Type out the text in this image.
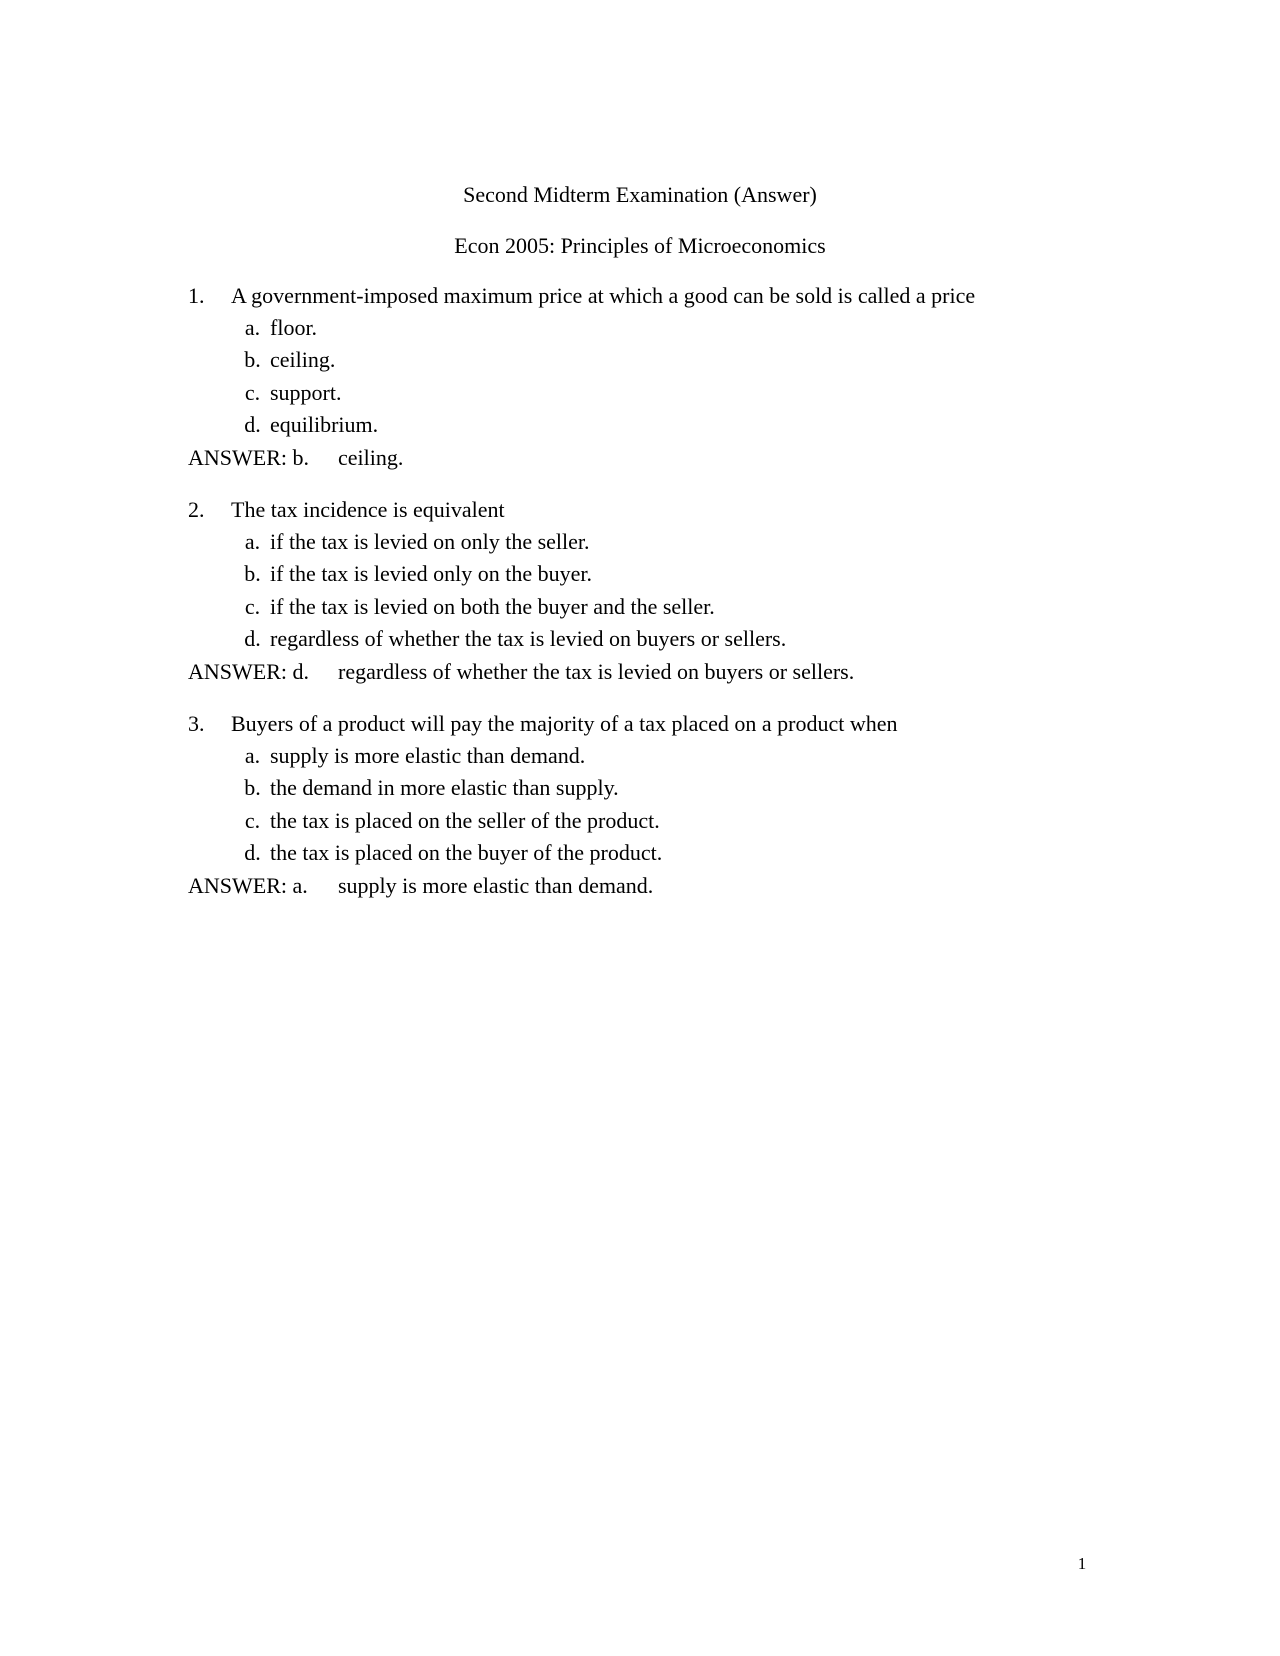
Second Midterm Examination (Answer)
Econ 2005: Principles of Microeconomics
1. A government-imposed maximum price at which a good can be sold is called a price
a. floor.
b. ceiling.
c. support.
d. equilibrium.
ANSWER: b. ceiling.
2. The tax incidence is equivalent
a. if the tax is levied on only the seller.
b. if the tax is levied only on the buyer.
c. if the tax is levied on both the buyer and the seller.
d. regardless of whether the tax is levied on buyers or sellers.
ANSWER: d. regardless of whether the tax is levied on buyers or sellers.
3. Buyers of a product will pay the majority of a tax placed on a product when
a. supply is more elastic than demand.
b. the demand in more elastic than supply.
c. the tax is placed on the seller of the product.
d. the tax is placed on the buyer of the product.
ANSWER: a. supply is more elastic than demand.
1
